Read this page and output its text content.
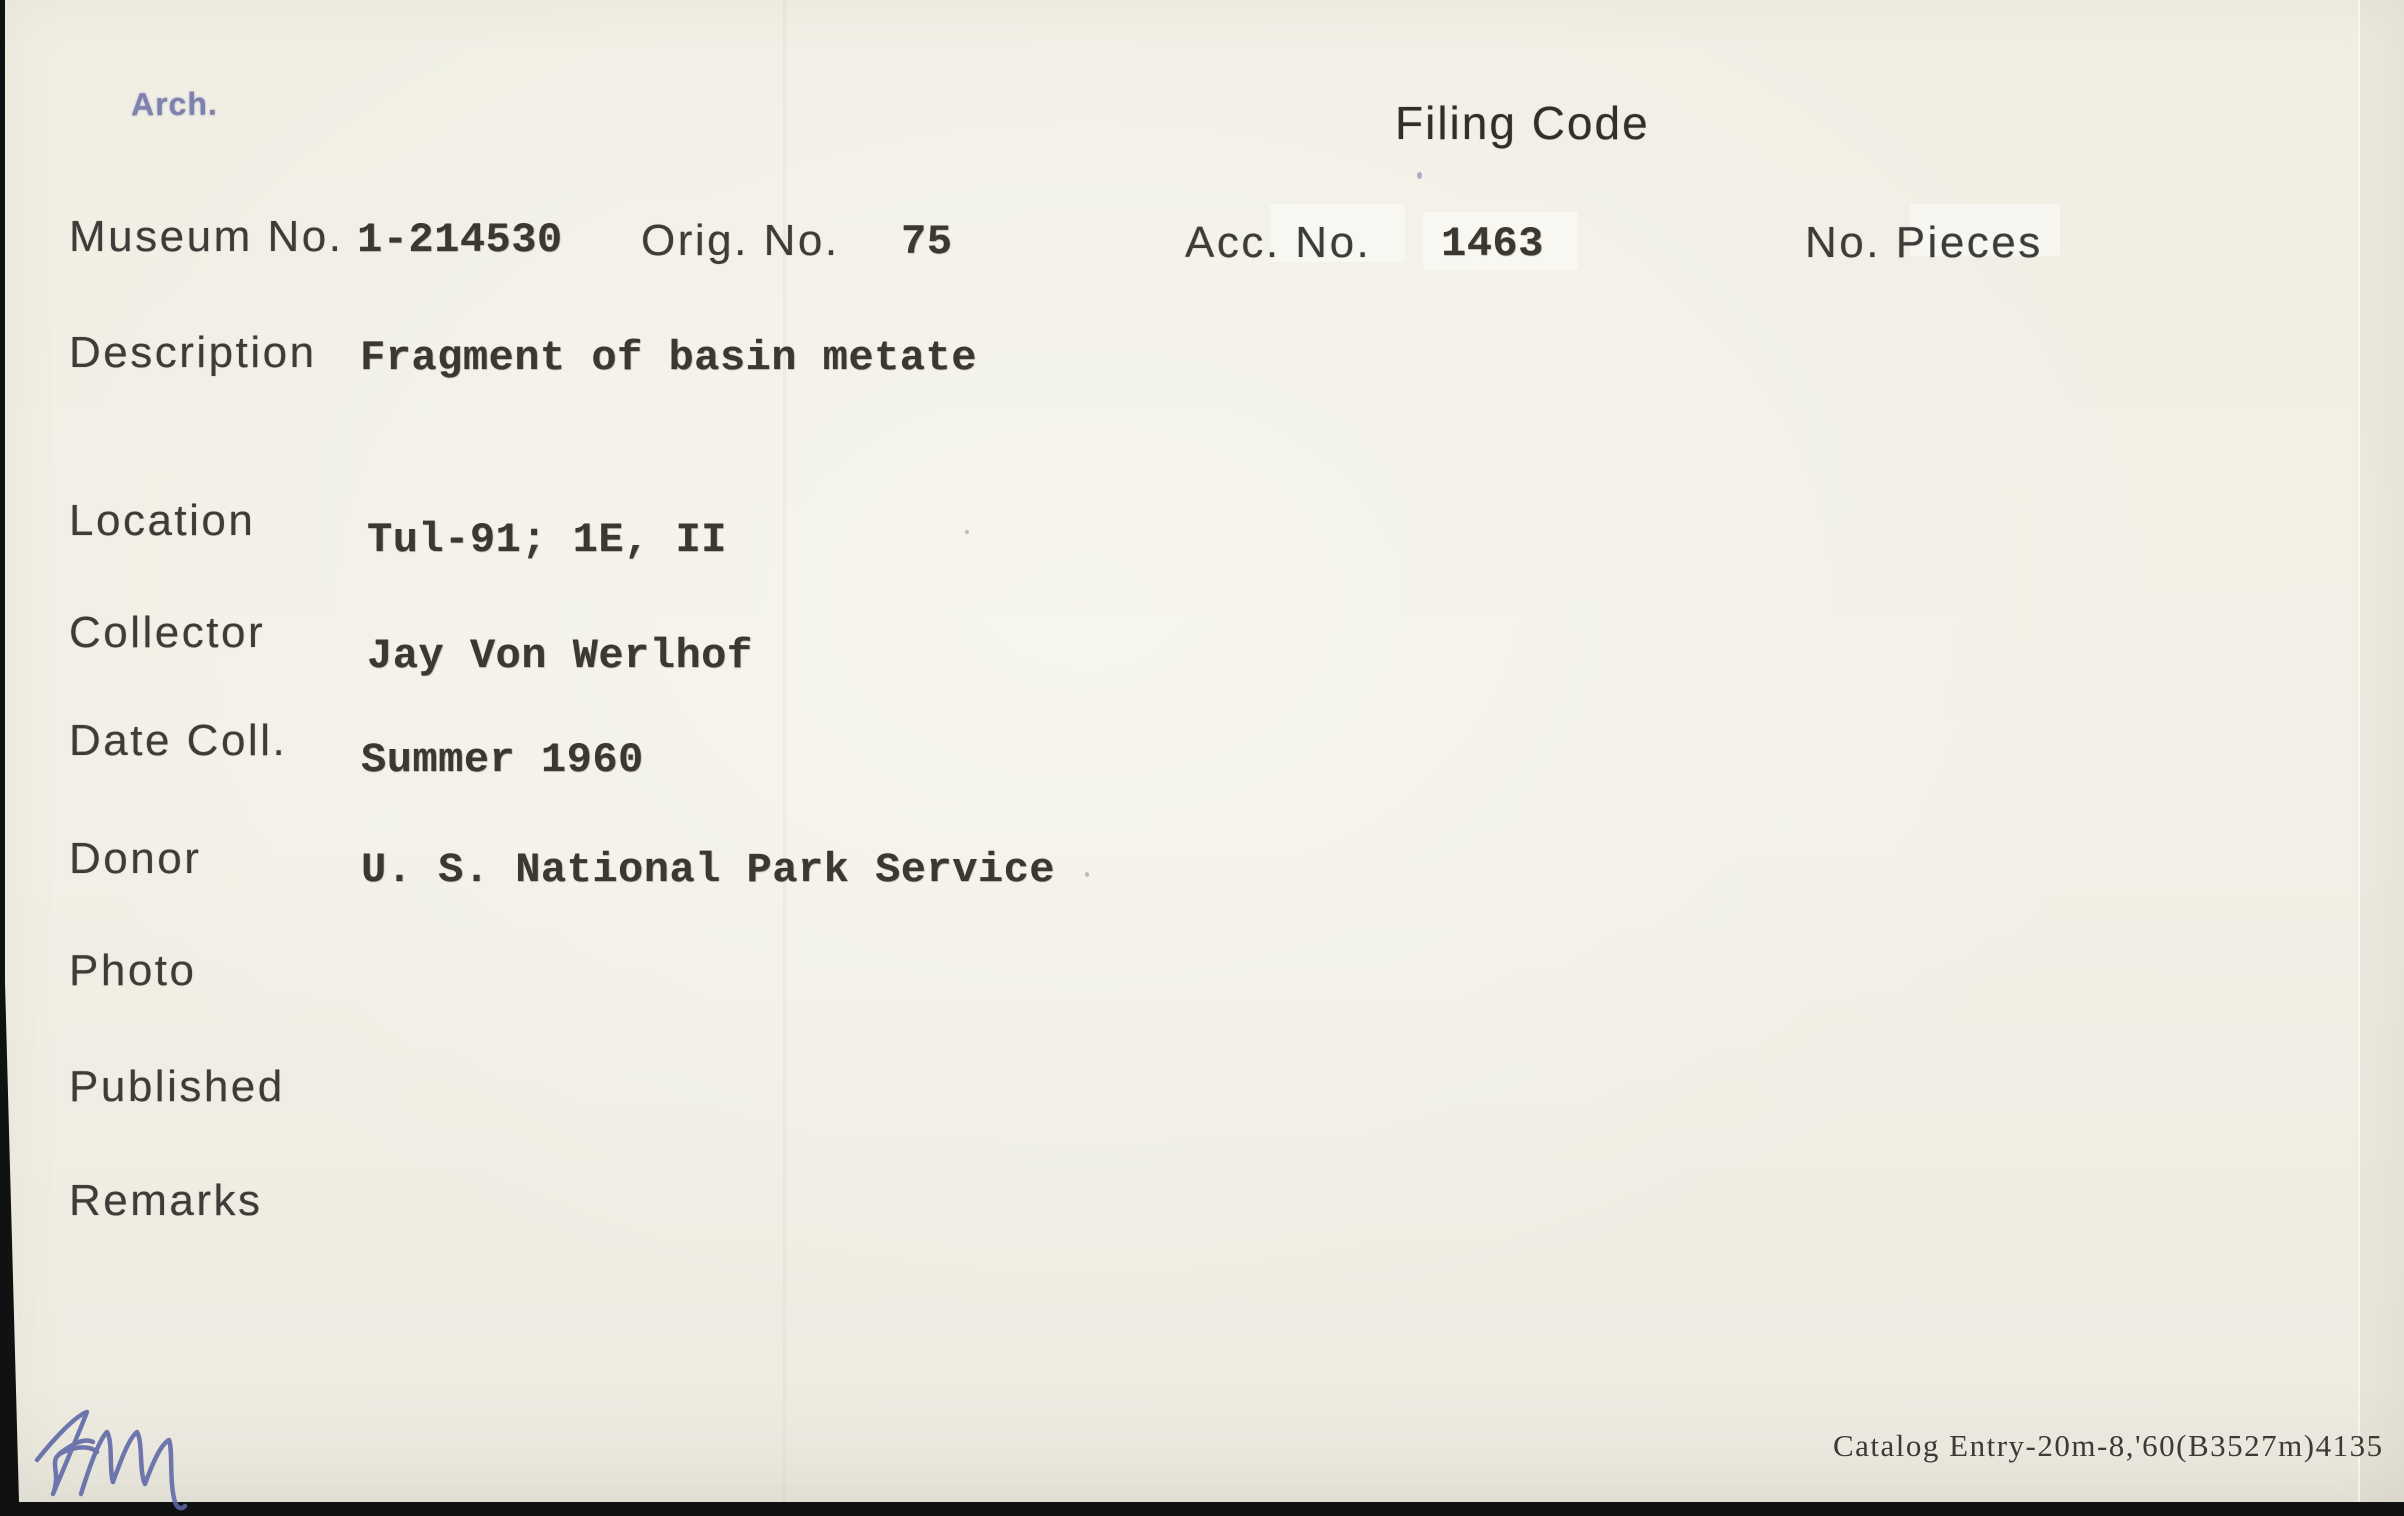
Arch.	Filing Code
Museum No. 1-214530 Orig. No. 75	Acc. No. 1463	No. Pieces
Description Fragment of basin metate
Location	Tul-91; 1E, II
Collector Jay Von Werlhof
Date Coll. Summer 1960
Donor	U. S. National Park Service
Photo
Published
Remarks
Catalog Entry-20m-8,'60(B3527m)4135
